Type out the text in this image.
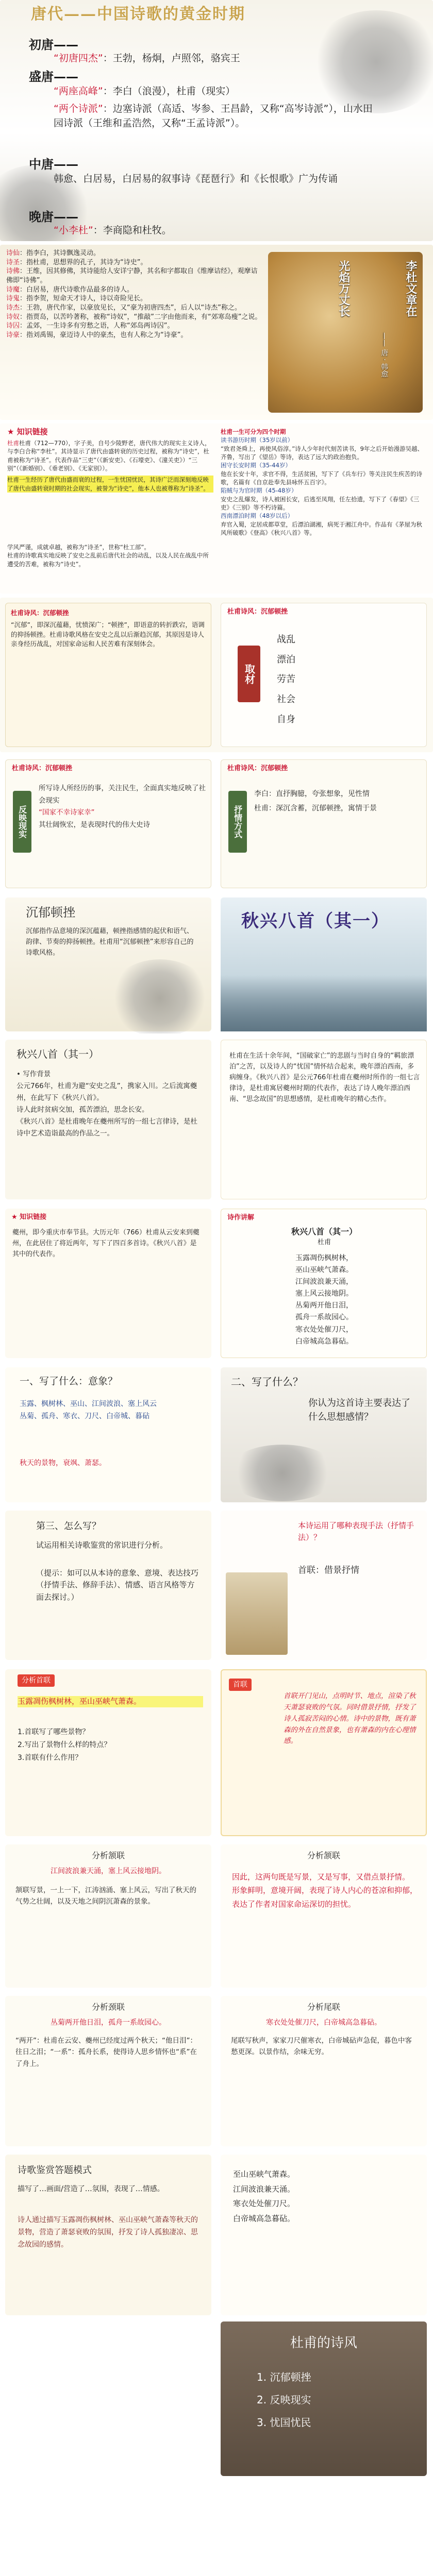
唐代——中国诗歌的黄金时期
初唐——
“初唐四杰”：王勃，杨炯，卢照邻，骆宾王
盛唐——
“两座高峰”：李白（浪漫），杜甫（现实）
“两个诗派”：边塞诗派（高适、岑参、王昌龄，又称“高岑诗派”），山水田园诗派（王维和孟浩然，又称“王孟诗派”）。
中唐——
韩愈、白居易，白居易的叙事诗《琵琶行》和《长恨歌》广为传诵
晚唐——
“小李杜”：李商隐和杜牧。
诗仙：指李白，其诗飘逸灵动。
诗圣：指杜甫，思想界的孔子，其诗为“诗史”。
诗佛：王维，因其修佛，其诗能给人安详宁静，其名和字都取自《维摩诘经》，观摩诘佛即“诗佛”。
诗魔：白居易，唐代诗歌作品最多的诗人。
诗鬼：指李贺，短命天才诗人，诗以奇险见长。
诗杰：王勃，唐代作家，以豪放见长，又“豪为初唐四杰”，后人以“诗杰”称之。
诗奴：指贾岛，以苦吟著称，被称“诗奴”，“推敲”二字由他而来，有“郊寒岛瘦”之说。
诗囚：孟郊，一生诗多有穷愁之语，人称“郊岛两诗囚”。
诗豪：指刘禹锡，豪迈诗人中的豪杰，也有人称之为“诗豪”。
光焰万丈长	李杜文章在
—— 唐 · 韩愈
★ 知识链接
杜甫杜甫（712—770），字子美，自号少陵野老，唐代伟大的现实主义诗人，与李白合称“李杜”。其诗显示了唐代由盛转衰的历史过程，被称为“诗史”，杜甫被称为“诗圣”。代表作品“三吏”（《新安吏》、《石壕吏》、《潼关吏》）“三别”（《新婚别》、《垂老别》、《无家别》）。
杜甫一生经历了唐代由盛而衰的过程，一生忧国忧民，其诗广泛而深刻地反映了唐代由盛转衰时期的社会现实，被誉为“诗史”，他本人也被尊称为“诗圣”。
杜甫一生可分为四个时期
读书游历时期（35岁以前）
“致君尧舜上，再使风俗淳。”诗人少年时代刻苦读书，9年之后开始漫游吴越、齐鲁，写出了《望岳》等诗，表达了远大的政治抱负。
困守长安时期（35-44岁）
他在长安十年，求官不得，生活贫困，写下了《兵车行》等关注民生疾苦的诗歌，名篇有《自京赴奉先县咏怀五百字》。
陷贼与为官时期（45-48岁）
安史之乱爆发，诗人被困长安，后逃至凤翔，任左拾遗，写下了《春望》《三吏》《三别》等不朽诗篇。
西南漂泊时期（48岁以后）
弃官入蜀，定居成都草堂，后漂泊湖湘，病死于湘江舟中。作品有《茅屋为秋风所破歌》《登高》《秋兴八首》等。
学风严谨，成就卓越，被称为“诗圣”，世称“杜工部”。
杜甫的诗歌真实地反映了安史之乱前后唐代社会的动乱，以及人民在战乱中所遭受的苦难，被称为“诗史”。
杜甫诗风：沉郁顿挫
“沉郁”，即深沉蕴藉，忧愤深广；“顿挫”，即语意的转折跌宕，语调的抑扬顿挫。杜甫诗歌风格在安史之乱以后渐趋沉郁，其原因是诗人亲身经历战乱，对国家命运和人民苦难有深刻体会。
杜甫诗风：沉郁顿挫
取材
战乱
漂泊
劳苦
社会
自身
杜甫诗风：沉郁顿挫
反映现实
所写诗人所经历的事，关注民生，全面真实地反映了社会现实
“国家不幸诗家幸”
其壮阔恢宏，是表现时代的伟大史诗
杜甫诗风：沉郁顿挫
抒情方式
李白：直抒胸臆，夸张想象，见性情
杜甫：深沉含蓄，沉郁顿挫，寓情于景
沉郁顿挫
沉郁指作品意境的深沉蕴藉，顿挫指感情的起伏和语气、韵律、节奏的抑扬顿挫。杜甫用“沉郁顿挫”来形容自己的诗歌风格。
秋兴八首（其一）
秋兴八首（其一）
• 写作背景
公元766年，杜甫为避“安史之乱”，携家入川。之后流寓夔州，在此写下《秋兴八首》。
诗人此时贫病交加，孤苦漂泊，思念长安。
《秋兴八首》是杜甫晚年在夔州所写的一组七言律诗，是杜诗中艺术造诣最高的作品之一。
杜甫在生活十余年间，“国破家亡”的悲剧与当时自身的“羁旅漂泊”之苦，以及诗人的“忧国”情怀结合起来，晚年漂泊西南，多病缠身。《秋兴八首》是公元766年杜甫在夔州时所作的一组七言律诗，是杜甫寓居夔州时期的代表作，表达了诗人晚年漂泊西南、“思念故国”的思想感情，是杜甫晚年的精心杰作。
★ 知识链接
夔州，即今重庆市奉节县。大历元年（766）杜甫从云安来到夔州，在此居住了将近两年，写下了四百多首诗。《秋兴八首》是其中的代表作。
诗作讲解
秋兴八首（其一）
杜甫
玉露凋伤枫树林，
巫山巫峡气萧森。
江间波浪兼天涌，
塞上风云接地阴。
丛菊两开他日泪，
孤舟一系故园心。
寒衣处处催刀尺，
白帝城高急暮砧。
一、写了什么：意象？
玉露、枫树林、巫山、江间波浪、塞上风云
丛菊、孤舟、寒衣、刀尺、白帝城、暮砧
秋天的景物，衰飒、萧瑟。
二、写了什么？
你认为这首诗主要表达了什么思想感情？
第三、怎么写？
试运用相关诗歌鉴赏的常识进行分析。
（提示：如可以从本诗的意象、意境、表达技巧（抒情手法、修辞手法）、情感、语言风格等方面去探讨。）
本诗运用了哪种表现手法（抒情手法）？
首联：借景抒情
分析首联
玉露凋伤枫树林，巫山巫峡气萧森。
1.首联写了哪些景物？
2.写出了景物什么样的特点？
3.首联有什么作用？
首联
首联开门见山，点明时节、地点，渲染了秋天萧瑟衰败的气氛。同时借景抒情，抒发了诗人孤寂苦闷的心情。诗中的景物，既有萧森的外在自然景象，也有萧森的内在心理情感。
分析颔联
江间波浪兼天涌，塞上风云接地阴。
颔联写景，一上一下，江涛汹涌、塞上风云，写出了秋天的气势之壮阔，以及天地之间阴沉萧森的景象。
分析颔联
因此，这两句既是写景，又是写事，又借点景抒情。
形象鲜明，意境开阔，表现了诗人内心的苍凉和抑郁，表达了作者对国家命运深切的担忧。
分析颈联
丛菊两开他日泪，孤舟一系故园心。
“两开”：杜甫在云安、夔州已经度过两个秋天；“他日泪”：往日之泪；“一系”：孤舟长系，使得诗人思乡情怀也“系”在了舟上。
分析尾联
寒衣处处催刀尺，白帝城高急暮砧。
尾联写秋声，家家刀尺催寒衣，白帝城砧声急促，暮色中客愁更深。以景作结，余味无穷。
诗歌鉴赏答题模式
描写了…画面/营造了…氛围，表现了…情感。
诗人通过描写玉露凋伤枫树林、巫山巫峡气萧森等秋天的景物，营造了萧瑟衰败的氛围，抒发了诗人孤独凄凉、思念故园的感情。
至山巫峡气萧森。
江间波浪兼天涌。
寒衣处处催刀尺。
白帝城高急暮砧。
杜甫的诗风
1. 沉郁顿挫
2. 反映现实
3. 忧国忧民
